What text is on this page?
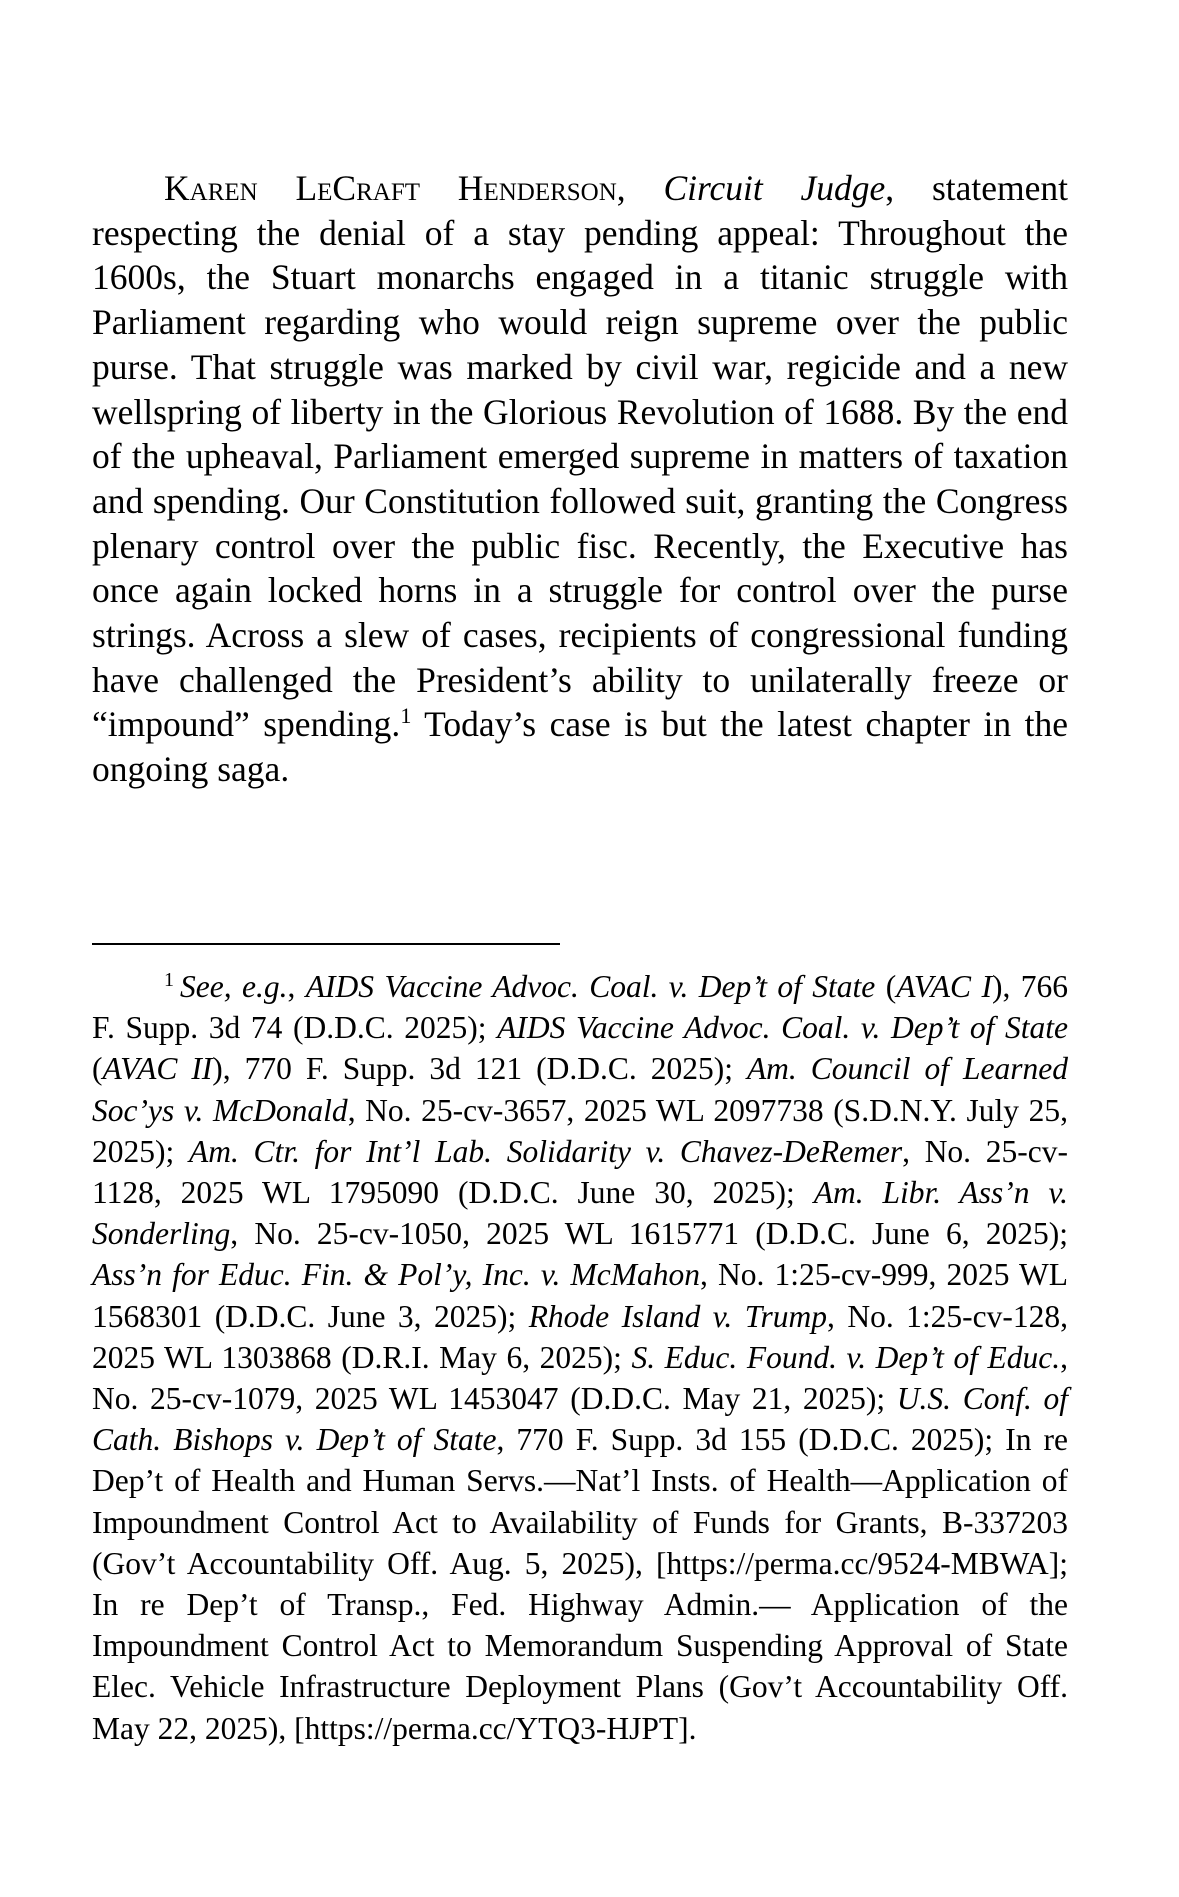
Karen LeCraft Henderson, Circuit Judge, statement respecting the denial of a stay pending appeal: Throughout the 1600s, the Stuart monarchs engaged in a titanic struggle with Parliament regarding who would reign supreme over the public purse. That struggle was marked by civil war, regicide and a new wellspring of liberty in the Glorious Revolution of 1688. By the end of the upheaval, Parliament emerged supreme in matters of taxation and spending. Our Constitution followed suit, granting the Congress plenary control over the public fisc. Recently, the Executive has once again locked horns in a struggle for control over the purse strings. Across a slew of cases, recipients of congressional funding have challenged the President’s ability to unilaterally freeze or “impound” spending.$^1$ Today’s case is but the latest chapter in the ongoing saga.

$^1$ See, e.g., AIDS Vaccine Advoc. Coal. v. Dep’t of State (AVAC I), 766 F. Supp. 3d 74 (D.D.C. 2025); AIDS Vaccine Advoc. Coal. v. Dep’t of State (AVAC II), 770 F. Supp. 3d 121 (D.D.C. 2025); Am. Council of Learned Soc’ys v. McDonald, No. 25-cv-3657, 2025 WL 2097738 (S.D.N.Y. July 25, 2025); Am. Ctr. for Int’l Lab. Solidarity v. Chavez-DeRemer, No. 25-cv-1128, 2025 WL 1795090 (D.D.C. June 30, 2025); Am. Libr. Ass’n v. Sonderling, No. 25-cv-1050, 2025 WL 1615771 (D.D.C. June 6, 2025); Ass’n for Educ. Fin. & Pol’y, Inc. v. McMahon, No. 1:25-cv-999, 2025 WL 1568301 (D.D.C. June 3, 2025); Rhode Island v. Trump, No. 1:25-cv-128, 2025 WL 1303868 (D.R.I. May 6, 2025); S. Educ. Found. v. Dep’t of Educ., No. 25-cv-1079, 2025 WL 1453047 (D.D.C. May 21, 2025); U.S. Conf. of Cath. Bishops v. Dep’t of State, 770 F. Supp. 3d 155 (D.D.C. 2025); In re Dep’t of Health and Human Servs.—Nat’l Insts. of Health—Application of Impoundment Control Act to Availability of Funds for Grants, B-337203 (Gov’t Accountability Off. Aug. 5, 2025), [https://perma.cc/9524-MBWA]; In re Dep’t of Transp., Fed. Highway Admin.— Application of the Impoundment Control Act to Memorandum Suspending Approval of State Elec. Vehicle Infrastructure Deployment Plans (Gov’t Accountability Off. May 22, 2025), [https://perma.cc/YTQ3-HJPT].
